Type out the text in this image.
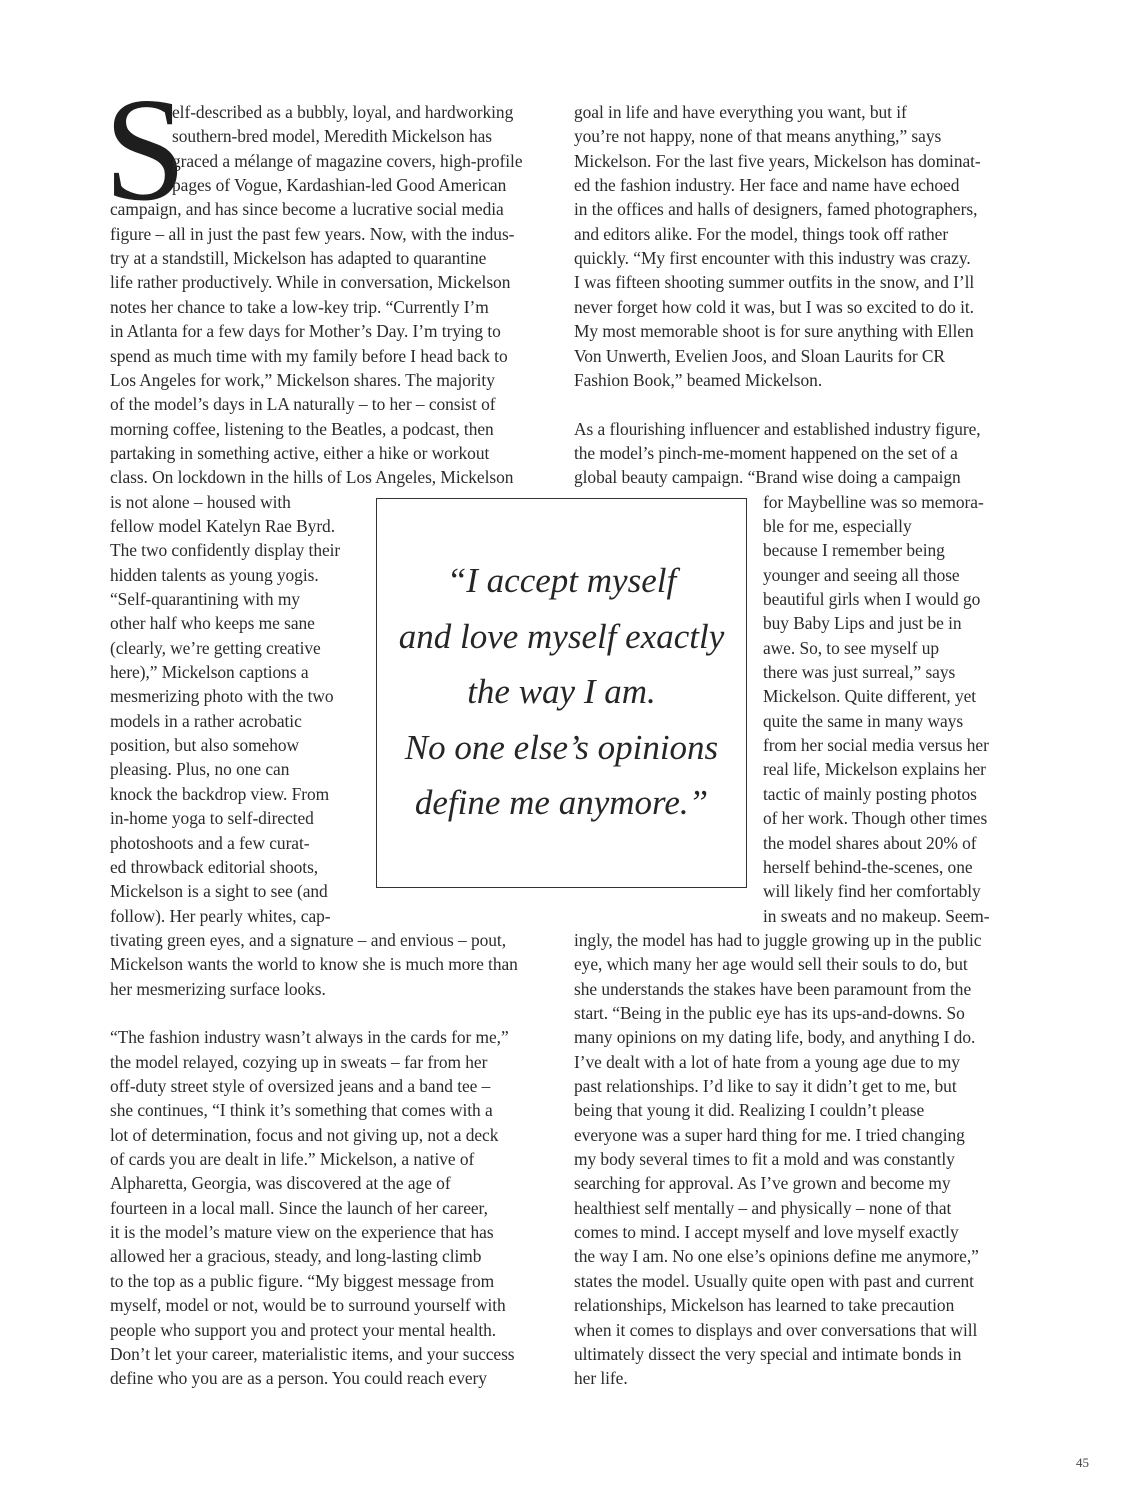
S

elf-described as a bubbly, loyal, and hardworking

southern-bred model, Meredith Mickelson has

graced a mélange of magazine covers, high-profile

pages of Vogue, Kardashian-led Good American

campaign, and has since become a lucrative social media

figure – all in just the past few years. Now, with the indus-

try at a standstill, Mickelson has adapted to quarantine

life rather productively. While in conversation, Mickelson

notes her chance to take a low-key trip. “Currently I’m

in Atlanta for a few days for Mother’s Day. I’m trying to

spend as much time with my family before I head back to

Los Angeles for work,” Mickelson shares. The majority

of the model’s days in LA naturally – to her – consist of

morning coffee, listening to the Beatles, a podcast, then

partaking in something active, either a hike or workout

class. On lockdown in the hills of Los Angeles, Mickelson

is not alone – housed with

fellow model Katelyn Rae Byrd.

The two confidently display their

hidden talents as young yogis.

“Self-quarantining with my

other half who keeps me sane

(clearly, we’re getting creative

here),” Mickelson captions a

mesmerizing photo with the two

models in a rather acrobatic

position, but also somehow

pleasing. Plus, no one can

knock the backdrop view. From

in-home yoga to self-directed

photoshoots and a few curat-

ed throwback editorial shoots,

Mickelson is a sight to see (and

follow). Her pearly whites, cap-

tivating green eyes, and a signature – and envious – pout,

Mickelson wants the world to know she is much more than

her mesmerizing surface looks.

“The fashion industry wasn’t always in the cards for me,”

the model relayed, cozying up in sweats – far from her

off-duty street style of oversized jeans and a band tee –

she continues, “I think it’s something that comes with a

lot of determination, focus and not giving up, not a deck

of cards you are dealt in life.” Mickelson, a native of

Alpharetta, Georgia, was discovered at the age of

fourteen in a local mall. Since the launch of her career,

it is the model’s mature view on the experience that has

allowed her a gracious, steady, and long-lasting climb

to the top as a public figure. “My biggest message from

myself, model or not, would be to surround yourself with

people who support you and protect your mental health.

Don’t let your career, materialistic items, and your success

define who you are as a person. You could reach every

goal in life and have everything you want, but if

you’re not happy, none of that means anything,” says

Mickelson. For the last five years, Mickelson has dominat-

ed the fashion industry. Her face and name have echoed

in the offices and halls of designers, famed photographers,

and editors alike. For the model, things took off rather

quickly. “My first encounter with this industry was crazy.

I was fifteen shooting summer outfits in the snow, and I’ll

never forget how cold it was, but I was so excited to do it.

My most memorable shoot is for sure anything with Ellen

Von Unwerth, Evelien Joos, and Sloan Laurits for CR

Fashion Book,” beamed Mickelson.

As a flourishing influencer and established industry figure,

the model’s pinch-me-moment happened on the set of a

global beauty campaign. “Brand wise doing a campaign

for Maybelline was so memora-

ble for me, especially

because I remember being

younger and seeing all those

beautiful girls when I would go

buy Baby Lips and just be in

awe. So, to see myself up

there was just surreal,” says

Mickelson. Quite different, yet

quite the same in many ways

from her social media versus her

real life, Mickelson explains her

tactic of mainly posting photos

of her work. Though other times

the model shares about 20% of

herself behind-the-scenes, one

will likely find her comfortably

in sweats and no makeup. Seem-

ingly, the model has had to juggle growing up in the public

eye, which many her age would sell their souls to do, but

she understands the stakes have been paramount from the

start. “Being in the public eye has its ups-and-downs. So

many opinions on my dating life, body, and anything I do.

I’ve dealt with a lot of hate from a young age due to my

past relationships. I’d like to say it didn’t get to me, but

being that young it did. Realizing I couldn’t please

everyone was a super hard thing for me. I tried changing

my body several times to fit a mold and was constantly

searching for approval. As I’ve grown and become my

healthiest self mentally – and physically – none of that

comes to mind. I accept myself and love myself exactly

the way I am. No one else’s opinions define me anymore,”

states the model. Usually quite open with past and current

relationships, Mickelson has learned to take precaution

when it comes to displays and over conversations that will

ultimately dissect the very special and intimate bonds in

her life.

“I accept myself

and love myself exactly

the way I am.

No one else’s opinions

define me anymore.”

45
